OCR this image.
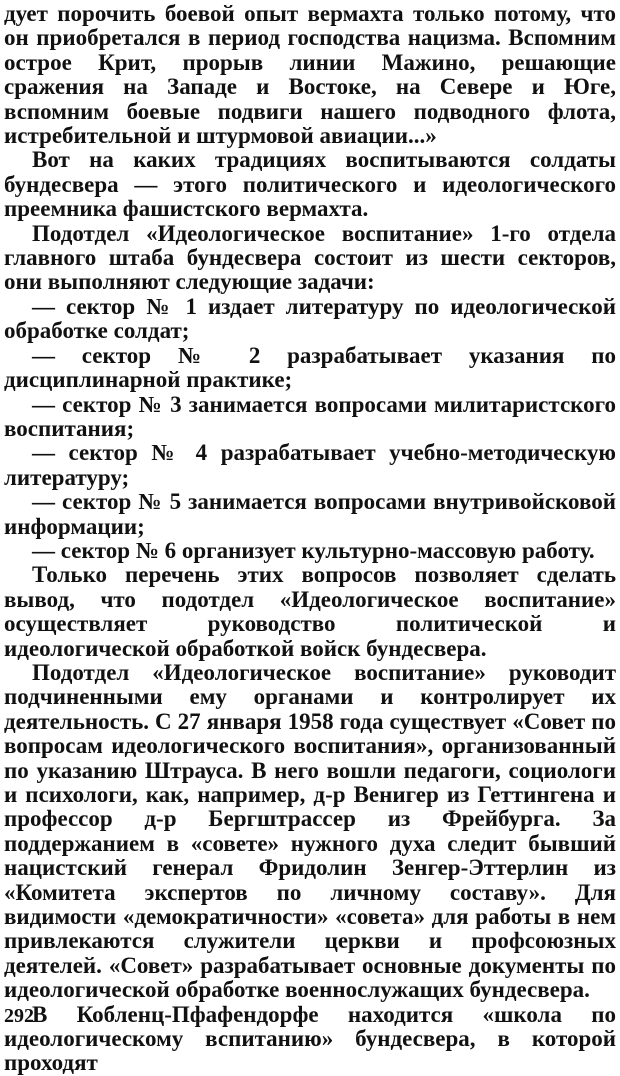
дует порочить боевой опыт вермахта только потому, что он приобретался в период господства нацизма. Вспомним острое Крит, прорыв линии Мажино, решающие сражения на Западе и Востоке, на Севере и Юге, вспомним боевые подвиги нашего подводного флота, истребительной и штурмовой авиации...»

Вот на каких традициях воспитываются солдаты бундесвера — этого политического и идеологического преемника фашистского вермахта.

Подотдел «Идеологическое воспитание» 1-го отдела главного штаба бундесвера состоит из шести секторов, они выполняют следующие задачи:

— сектор № 1 издает литературу по идеологической обработке солдат;

— сектор № 2 разрабатывает указания по дисциплинарной практике;

— сектор № 3 занимается вопросами милитаристского воспитания;

— сектор № 4 разрабатывает учебно-методическую литературу;

— сектор № 5 занимается вопросами внутривойсковой информации;

— сектор № 6 организует культурно-массовую работу.

Только перечень этих вопросов позволяет сделать вывод, что подотдел «Идеологическое воспитание» осуществляет руководство политической и идеологической обработкой войск бундесвера.

Подотдел «Идеологическое воспитание» руководит подчиненными ему органами и контролирует их деятельность. С 27 января 1958 года существует «Совет по вопросам идеологического воспитания», организованный по указанию Штрауса. В него вошли педагоги, социологи и психологи, как, например, д-р Венигер из Геттингена и профессор д-р Бергштрассер из Фрейбурга. За поддержанием в «совете» нужного духа следит бывший нацистский генерал Фридолин Зенгер-Эттерлин из «Комитета экспертов по личному составу». Для видимости «демократичности» «совета» для работы в нем привлекаются служители церкви и профсоюзных деятелей. «Совет» разрабатывает основные документы по идеологической обработке военнослужащих бундесвера.

В Кобленц-Пфафендорфе находится «школа по идеологическому вспитанию» бундесвера, в которой проходят

292
